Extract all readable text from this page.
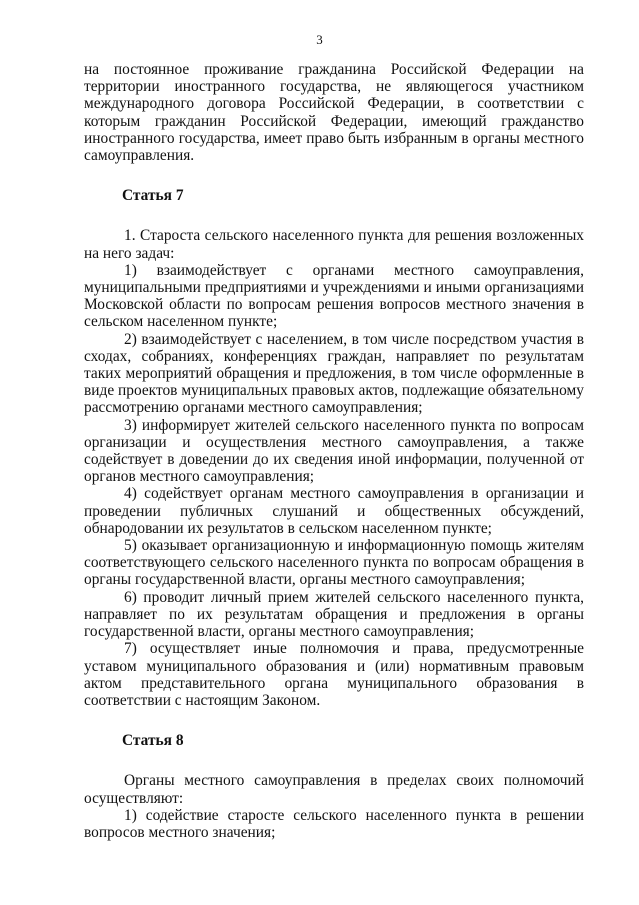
3

на постоянное проживание гражданина Российской Федерации на территории иностранного государства, не являющегося участником международного договора Российской Федерации, в соответствии с которым гражданин Российской Федерации, имеющий гражданство иностранного государства, имеет право быть избранным в органы местного самоуправления.

Статья 7

1. Староста сельского населенного пункта для решения возложенных на него задач:

1) взаимодействует с органами местного самоуправления, муниципальными предприятиями и учреждениями и иными организациями Московской области по вопросам решения вопросов местного значения в сельском населенном пункте;

2) взаимодействует с населением, в том числе посредством участия в сходах, собраниях, конференциях граждан, направляет по результатам таких мероприятий обращения и предложения, в том числе оформленные в виде проектов муниципальных правовых актов, подлежащие обязательному рассмотрению органами местного самоуправления;

3) информирует жителей сельского населенного пункта по вопросам организации и осуществления местного самоуправления, а также содействует в доведении до их сведения иной информации, полученной от органов местного самоуправления;

4) содействует органам местного самоуправления в организации и проведении публичных слушаний и общественных обсуждений, обнародовании их результатов в сельском населенном пункте;

5) оказывает организационную и информационную помощь жителям соответствующего сельского населенного пункта по вопросам обращения в органы государственной власти, органы местного самоуправления;

6) проводит личный прием жителей сельского населенного пункта, направляет по их результатам обращения и предложения в органы государственной власти, органы местного самоуправления;

7) осуществляет иные полномочия и права, предусмотренные уставом муниципального образования и (или) нормативным правовым актом представительного органа муниципального образования в соответствии с настоящим Законом.

Статья 8

Органы местного самоуправления в пределах своих полномочий осуществляют:

1) содействие старосте сельского населенного пункта в решении вопросов местного значения;
